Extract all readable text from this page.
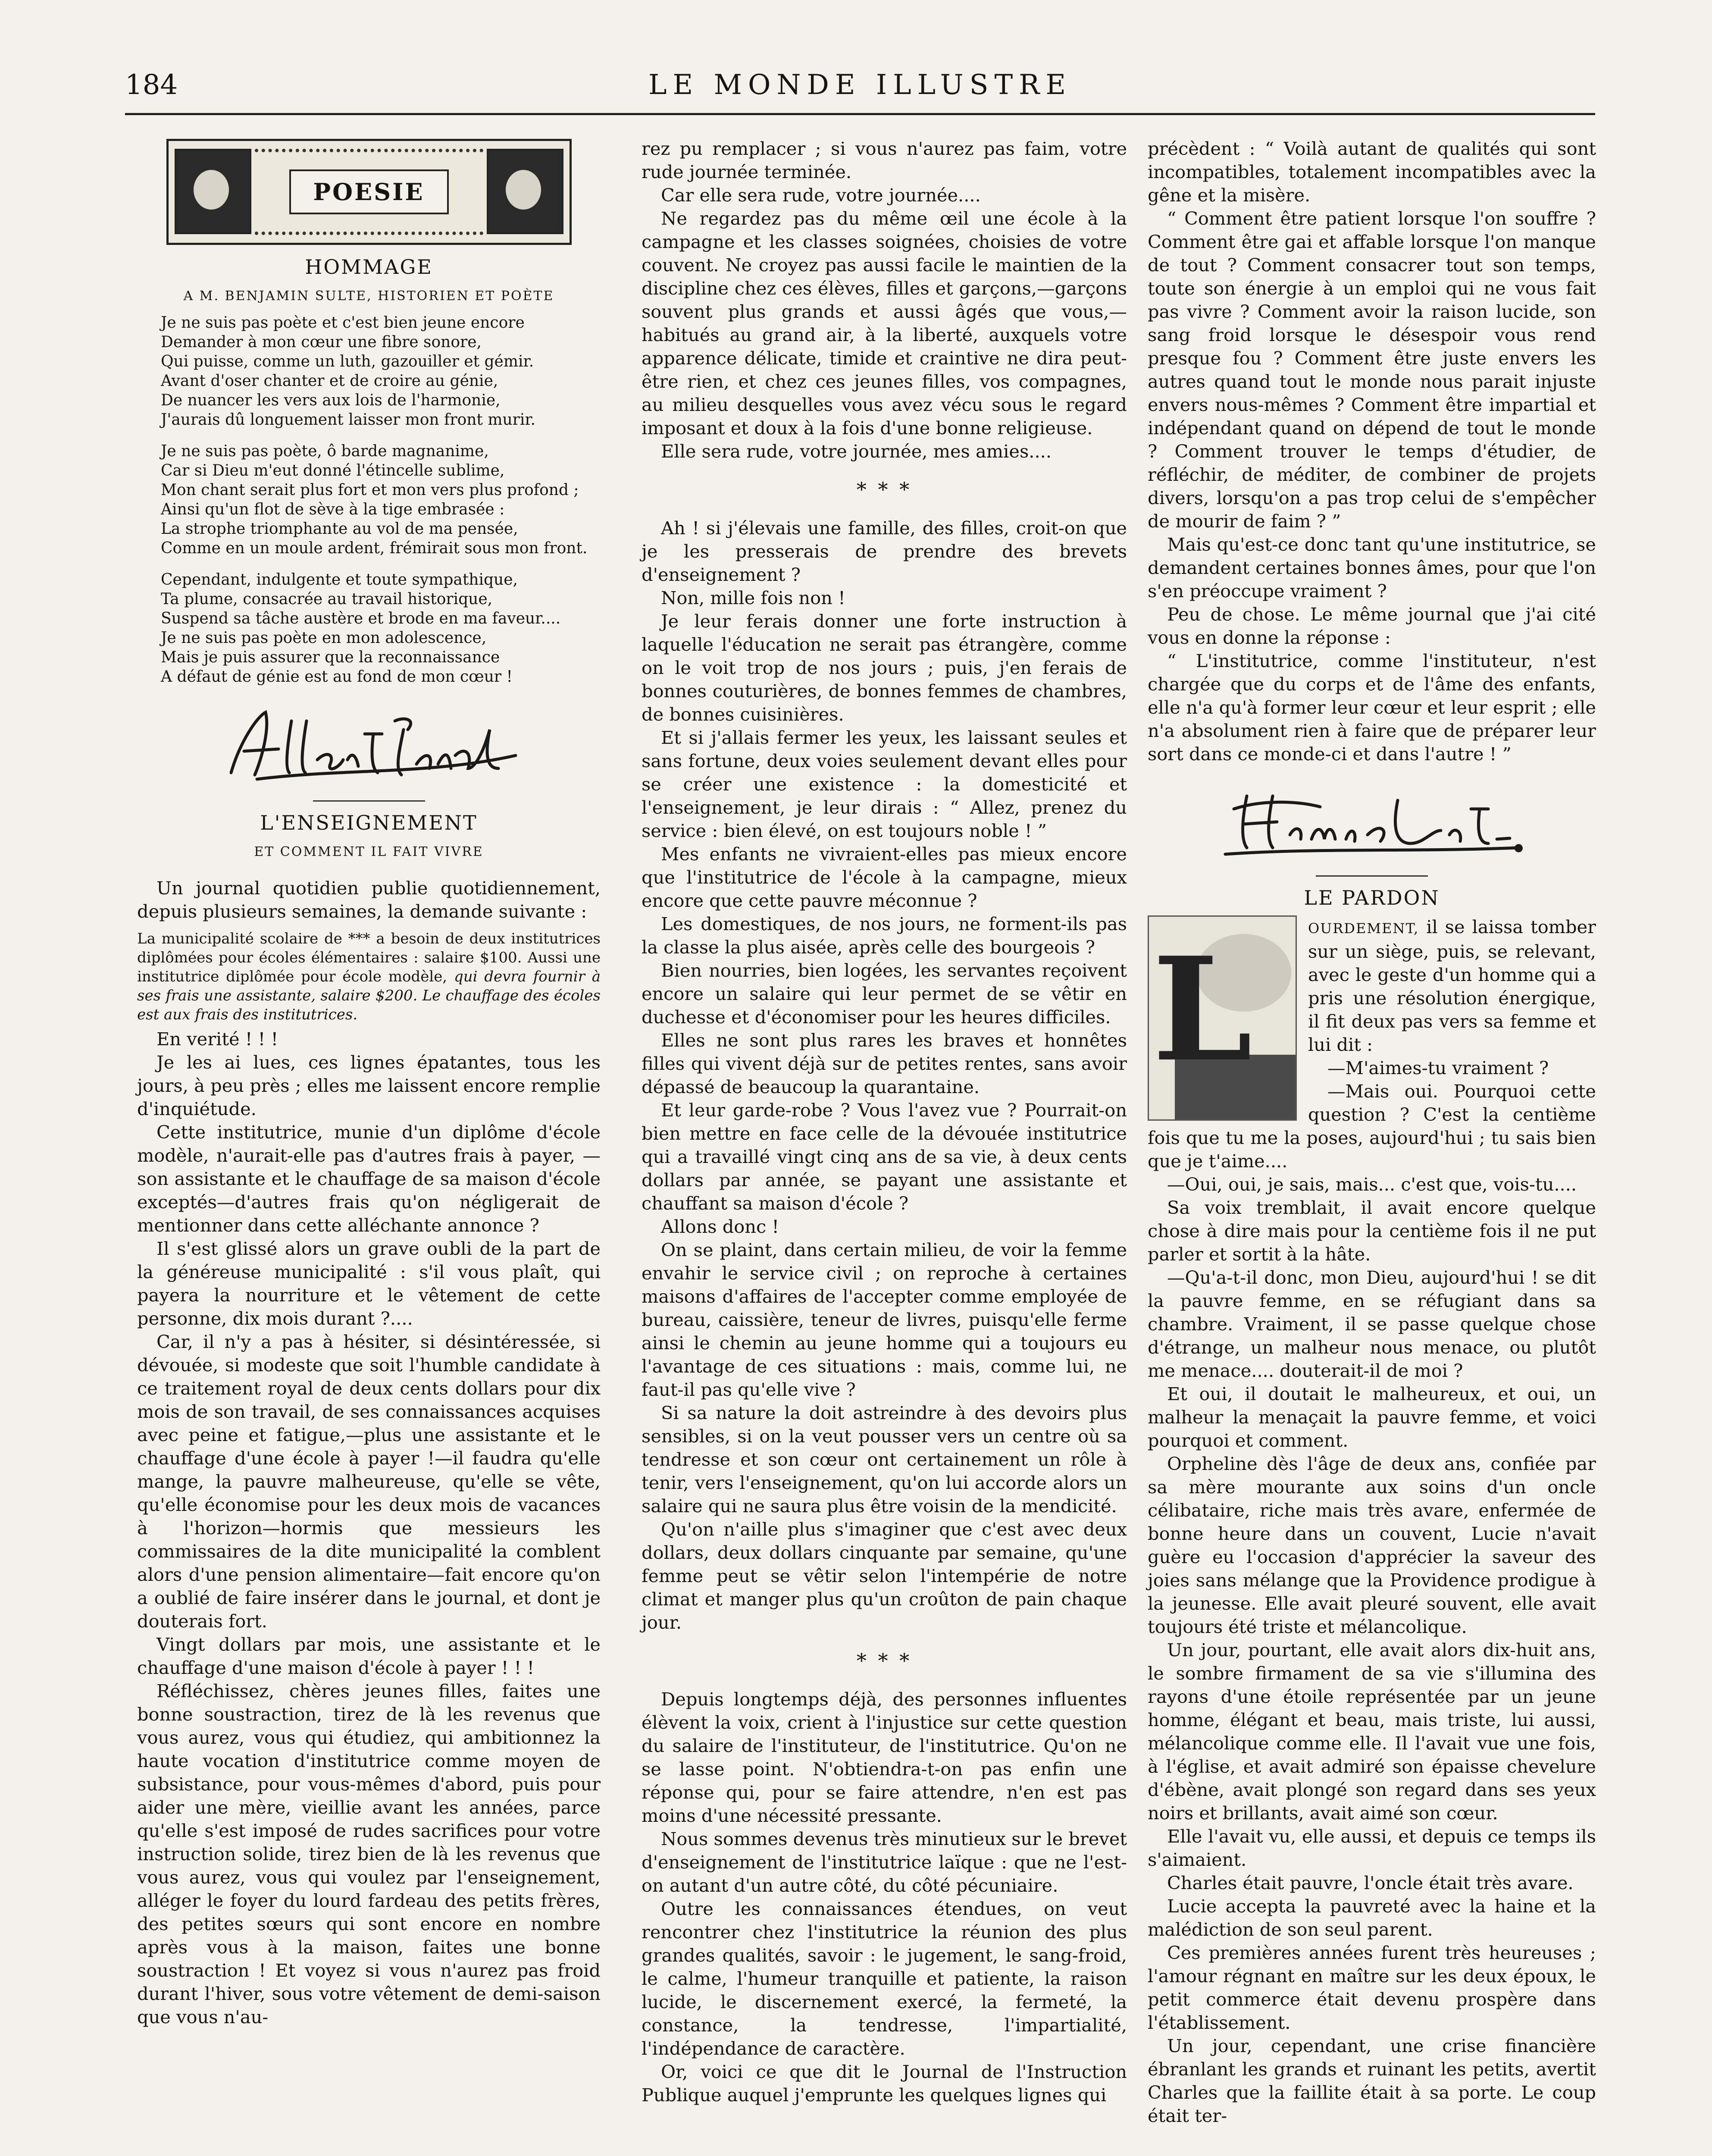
184	LE MONDE ILLUSTRE
POESIE
HOMMAGE
A M. BENJAMIN SULTE, HISTORIEN ET POÈTE

Je ne suis pas poète et c'est bien jeune encore

Demander à mon cœur une fibre sonore,

Qui puisse, comme un luth, gazouiller et gémir.

Avant d'oser chanter et de croire au génie,

De nuancer les vers aux lois de l'harmonie,

J'aurais dû longuement laisser mon front murir.

Je ne suis pas poète, ô barde magnanime,

Car si Dieu m'eut donné l'étincelle sublime,

Mon chant serait plus fort et mon vers plus profond ;

Ainsi qu'un flot de sève à la tige embrasée :

La strophe triomphante au vol de ma pensée,

Comme en un moule ardent, frémirait sous mon front.

Cependant, indulgente et toute sympathique,

Ta plume, consacrée au travail historique,

Suspend sa tâche austère et brode en ma faveur....

Je ne suis pas poète en mon adolescence,

Mais je puis assurer que la reconnaissance

A défaut de génie est au fond de mon cœur !

L'ENSEIGNEMENT
ET COMMENT IL FAIT VIVRE

Un journal quotidien publie quotidiennement, depuis plusieurs semaines, la demande suivante :

La municipalité scolaire de *** a besoin de deux institutrices diplômées pour écoles élémentaires : salaire $100. Aussi une institutrice diplômée pour école modèle, qui devra fournir à ses frais une assistante, salaire $200. Le chauffage des écoles est aux frais des institutrices.

En verité ! ! !

Je les ai lues, ces lignes épatantes, tous les jours, à peu près ; elles me laissent encore remplie d'inquiétude.

Cette institutrice, munie d'un diplôme d'école modèle, n'aurait-elle pas d'autres frais à payer, —son assistante et le chauffage de sa maison d'école exceptés—d'autres frais qu'on négligerait de mentionner dans cette alléchante annonce ?

Il s'est glissé alors un grave oubli de la part de la généreuse municipalité : s'il vous plaît, qui payera la nourriture et le vêtement de cette personne, dix mois durant ?....

Car, il n'y a pas à hésiter, si désintéressée, si dévouée, si modeste que soit l'humble candidate à ce traitement royal de deux cents dollars pour dix mois de son travail, de ses connaissances acquises avec peine et fatigue,—plus une assistante et le chauffage d'une école à payer !—il faudra qu'elle mange, la pauvre malheureuse, qu'elle se vête, qu'elle économise pour les deux mois de vacances à l'horizon—hormis que messieurs les commissaires de la dite municipalité la comblent alors d'une pension alimentaire—fait encore qu'on a oublié de faire insérer dans le journal, et dont je douterais fort.

Vingt dollars par mois, une assistante et le chauffage d'une maison d'école à payer ! ! !

Réfléchissez, chères jeunes filles, faites une bonne soustraction, tirez de là les revenus que vous aurez, vous qui étudiez, qui ambitionnez la haute vocation d'institutrice comme moyen de subsistance, pour vous-mêmes d'abord, puis pour aider une mère, vieillie avant les années, parce qu'elle s'est imposé de rudes sacrifices pour votre instruction solide, tirez bien de là les revenus que vous aurez, vous qui voulez par l'enseignement, alléger le foyer du lourd fardeau des petits frères, des petites sœurs qui sont encore en nombre après vous à la maison, faites une bonne soustraction ! Et voyez si vous n'aurez pas froid durant l'hiver, sous votre vêtement de demi-saison que vous n'au-

rez pu remplacer ; si vous n'aurez pas faim, votre rude journée terminée.

Car elle sera rude, votre journée....

Ne regardez pas du même œil une école à la campagne et les classes soignées, choisies de votre couvent. Ne croyez pas aussi facile le maintien de la discipline chez ces élèves, filles et garçons,—garçons souvent plus grands et aussi âgés que vous,—habitués au grand air, à la liberté, auxquels votre apparence délicate, timide et craintive ne dira peut-être rien, et chez ces jeunes filles, vos compagnes, au milieu desquelles vous avez vécu sous le regard imposant et doux à la fois d'une bonne religieuse.

Elle sera rude, votre journée, mes amies....

* * *

Ah ! si j'élevais une famille, des filles, croit-on que je les presserais de prendre des brevets d'enseignement ?

Non, mille fois non !

Je leur ferais donner une forte instruction à laquelle l'éducation ne serait pas étrangère, comme on le voit trop de nos jours ; puis, j'en ferais de bonnes couturières, de bonnes femmes de chambres, de bonnes cuisinières.

Et si j'allais fermer les yeux, les laissant seules et sans fortune, deux voies seulement devant elles pour se créer une existence : la domesticité et l'enseignement, je leur dirais : “ Allez, prenez du service : bien élevé, on est toujours noble ! ”

Mes enfants ne vivraient-elles pas mieux encore que l'institutrice de l'école à la campagne, mieux encore que cette pauvre méconnue ?

Les domestiques, de nos jours, ne forment-ils pas la classe la plus aisée, après celle des bourgeois ?

Bien nourries, bien logées, les servantes reçoivent encore un salaire qui leur permet de se vêtir en duchesse et d'économiser pour les heures difficiles.

Elles ne sont plus rares les braves et honnêtes filles qui vivent déjà sur de petites rentes, sans avoir dépassé de beaucoup la quarantaine.

Et leur garde-robe ? Vous l'avez vue ? Pourrait-on bien mettre en face celle de la dévouée institutrice qui a travaillé vingt cinq ans de sa vie, à deux cents dollars par année, se payant une assistante et chauffant sa maison d'école ?

Allons donc !

On se plaint, dans certain milieu, de voir la femme envahir le service civil ; on reproche à certaines maisons d'affaires de l'accepter comme employée de bureau, caissière, teneur de livres, puisqu'elle ferme ainsi le chemin au jeune homme qui a toujours eu l'avantage de ces situations : mais, comme lui, ne faut-il pas qu'elle vive ?

Si sa nature la doit astreindre à des devoirs plus sensibles, si on la veut pousser vers un centre où sa tendresse et son cœur ont certainement un rôle à tenir, vers l'enseignement, qu'on lui accorde alors un salaire qui ne saura plus être voisin de la mendicité.

Qu'on n'aille plus s'imaginer que c'est avec deux dollars, deux dollars cinquante par semaine, qu'une femme peut se vêtir selon l'intempérie de notre climat et manger plus qu'un croûton de pain chaque jour.

* * *

Depuis longtemps déjà, des personnes influentes élèvent la voix, crient à l'injustice sur cette question du salaire de l'instituteur, de l'institutrice. Qu'on ne se lasse point. N'obtiendra-t-on pas enfin une réponse qui, pour se faire attendre, n'en est pas moins d'une nécessité pressante.

Nous sommes devenus très minutieux sur le brevet d'enseignement de l'institutrice laïque : que ne l'est-on autant d'un autre côté, du côté pécuniaire.

Outre les connaissances étendues, on veut rencontrer chez l'institutrice la réunion des plus grandes qualités, savoir : le jugement, le sang-froid, le calme, l'humeur tranquille et patiente, la raison lucide, le discernement exercé, la fermeté, la constance, la tendresse, l'impartialité, l'indépendance de caractère.

Or, voici ce que dit le Journal de l'Instruction Publique auquel j'emprunte les quelques lignes qui

précèdent : “ Voilà autant de qualités qui sont incompatibles, totalement incompatibles avec la gêne et la misère.

“ Comment être patient lorsque l'on souffre ? Comment être gai et affable lorsque l'on manque de tout ? Comment consacrer tout son temps, toute son énergie à un emploi qui ne vous fait pas vivre ? Comment avoir la raison lucide, son sang froid lorsque le désespoir vous rend presque fou ? Comment être juste envers les autres quand tout le monde nous parait injuste envers nous-mêmes ? Comment être impartial et indépendant quand on dépend de tout le monde ? Comment trouver le temps d'étudier, de réfléchir, de méditer, de combiner de projets divers, lorsqu'on a pas trop celui de s'empêcher de mourir de faim ? ”

Mais qu'est-ce donc tant qu'une institutrice, se demandent certaines bonnes âmes, pour que l'on s'en préoccupe vraiment ?

Peu de chose. Le même journal que j'ai cité vous en donne la réponse :

“ L'institutrice, comme l'instituteur, n'est chargée que du corps et de l'âme des enfants, elle n'a qu'à former leur cœur et leur esprit ; elle n'a absolument rien à faire que de préparer leur sort dans ce monde-ci et dans l'autre ! ”

LE PARDON
L	OURDEMENT, il se laissa tomber sur un siège, puis, se relevant, avec le geste d'un homme qui a pris une résolution énergique, il fit deux pas vers sa femme et lui dit :

—M'aimes-tu vraiment ?

—Mais oui. Pourquoi cette question ? C'est la centième fois que tu me la poses, aujourd'hui ; tu sais bien que je t'aime....

—Oui, oui, je sais, mais... c'est que, vois-tu....

Sa voix tremblait, il avait encore quelque chose à dire mais pour la centième fois il ne put parler et sortit à la hâte.

—Qu'a-t-il donc, mon Dieu, aujourd'hui ! se dit la pauvre femme, en se réfugiant dans sa chambre. Vraiment, il se passe quelque chose d'étrange, un malheur nous menace, ou plutôt me menace.... douterait-il de moi ?

Et oui, il doutait le malheureux, et oui, un malheur la menaçait la pauvre femme, et voici pourquoi et comment.

Orpheline dès l'âge de deux ans, confiée par sa mère mourante aux soins d'un oncle célibataire, riche mais très avare, enfermée de bonne heure dans un couvent, Lucie n'avait guère eu l'occasion d'apprécier la saveur des joies sans mélange que la Providence prodigue à la jeunesse. Elle avait pleuré souvent, elle avait toujours été triste et mélancolique.

Un jour, pourtant, elle avait alors dix-huit ans, le sombre firmament de sa vie s'illumina des rayons d'une étoile représentée par un jeune homme, élégant et beau, mais triste, lui aussi, mélancolique comme elle. Il l'avait vue une fois, à l'église, et avait admiré son épaisse chevelure d'ébène, avait plongé son regard dans ses yeux noirs et brillants, avait aimé son cœur.

Elle l'avait vu, elle aussi, et depuis ce temps ils s'aimaient.

Charles était pauvre, l'oncle était très avare.

Lucie accepta la pauvreté avec la haine et la malédiction de son seul parent.

Ces premières années furent très heureuses ; l'amour régnant en maître sur les deux époux, le petit commerce était devenu prospère dans l'établissement.

Un jour, cependant, une crise financière ébranlant les grands et ruinant les petits, avertit Charles que la faillite était à sa porte. Le coup était ter-
